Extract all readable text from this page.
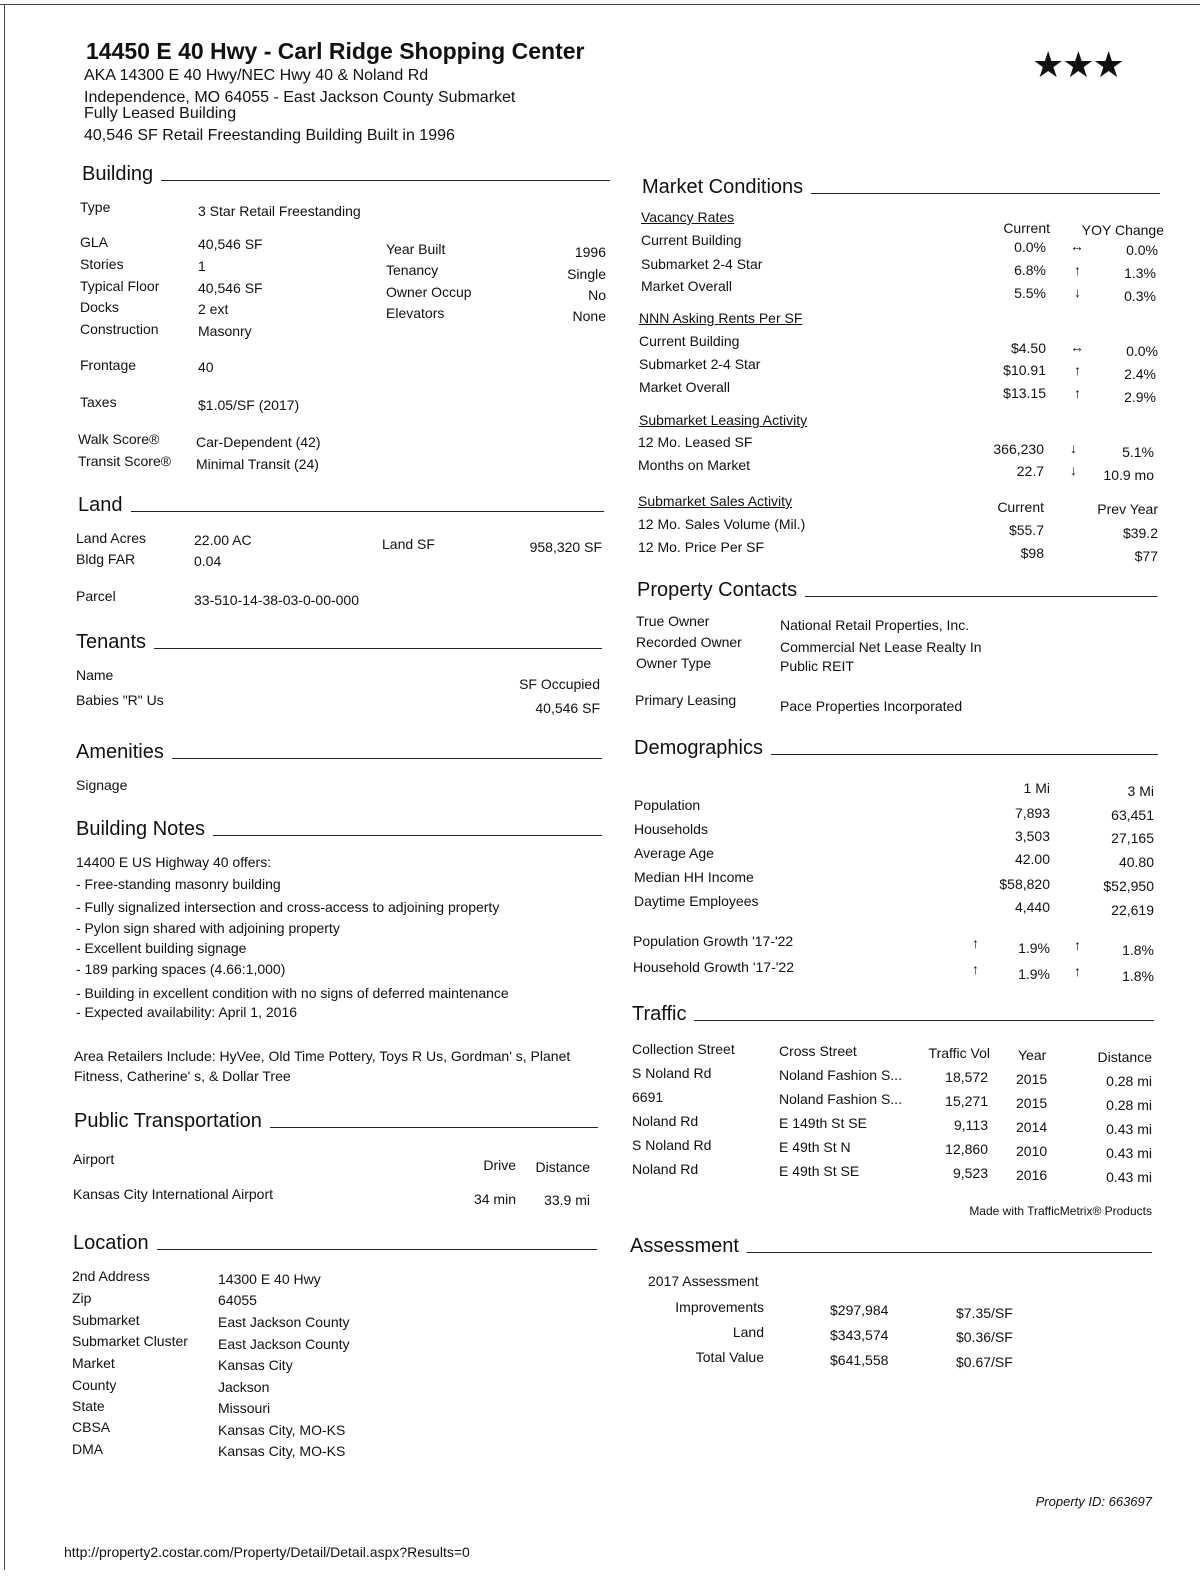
14450 E 40 Hwy - Carl Ridge Shopping Center
AKA 14300 E 40 Hwy/NEC Hwy 40 & Noland Rd
Independence, MO 64055 - East Jackson County Submarket
Fully Leased Building
40,546 SF Retail Freestanding Building Built in 1996
★★★
Building
Type	3 Star Retail Freestanding
GLA	40,546 SF
Stories	1
Typical Floor	40,546 SF
Docks	2 ext
Construction	Masonry
Year Built	1996
Tenancy	Single
Owner Occup	No
Elevators	None
Frontage	40
Taxes	$1.05/SF (2017)
Walk Score®	Car-Dependent (42)
Transit Score® Minimal Transit (24)
Land
Land Acres	22.00 AC
Bldg FAR	0.04
Land SF	958,320 SF
Parcel	33-510-14-38-03-0-00-000
Tenants
Name
SF Occupied
Babies "R" Us	40,546 SF
Amenities
Signage
Building Notes
14400 E US Highway 40 offers:
- Free-standing masonry building
- Fully signalized intersection and cross-access to adjoining property
- Pylon sign shared with adjoining property
- Excellent building signage
- 189 parking spaces (4.66:1,000)
- Building in excellent condition with no signs of deferred maintenance
- Expected availability: April 1, 2016
Area Retailers Include: HyVee, Old Time Pottery, Toys R Us, Gordman' s, Planet
Fitness, Catherine' s, & Dollar Tree
Public Transportation
Airport	Drive	Distance
Kansas City International Airport	34 min	33.9 mi
Location
2nd Address	14300 E 40 Hwy
Zip	64055
Submarket	East Jackson County
Submarket Cluster East Jackson County
Market	Kansas City
County	Jackson
State	Missouri
CBSA	Kansas City, MO-KS
DMA	Kansas City, MO-KS
Market Conditions
Vacancy Rates
Current	YOY Change
Current Building	0.0% ↔	0.0%
Submarket 2-4 Star	6.8% ↑	1.3%
Market Overall	5.5% ↓	0.3%
NNN Asking Rents Per SF
Current Building	$4.50 ↔	0.0%
Submarket 2-4 Star	$10.91 ↑	2.4%
Market Overall	$13.15 ↑	2.9%
Submarket Leasing Activity
12 Mo. Leased SF	366,230 ↓	5.1%
Months on Market	22.7 ↓	10.9 mo
Submarket Sales Activity	Current	Prev Year
12 Mo. Sales Volume (Mil.)	$55.7	$39.2
12 Mo. Price Per SF	$98	$77
Property Contacts
True Owner	National Retail Properties, Inc.
Recorded Owner	Commercial Net Lease Realty In
Owner Type	Public REIT
Primary Leasing	Pace Properties Incorporated
Demographics
1 Mi	3 Mi
Population	7,893	63,451
Households	3,503	27,165
Average Age	42.00	40.80
Median HH Income	$58,820	$52,950
Daytime Employees	4,440	22,619
Population Growth '17-'22	↑	1.9% ↑	1.8%
Household Growth '17-'22	↑	1.9% ↑	1.8%
Traffic
Collection Street	Cross Street	Traffic Vol Year	Distance
S Noland Rd	Noland Fashion S...	18,572 2015	0.28 mi
6691	Noland Fashion S...	15,271 2015	0.28 mi
Noland Rd	E 149th St SE	9,113 2014	0.43 mi
S Noland Rd	E 49th St N	12,860 2010	0.43 mi
Noland Rd	E 49th St SE	9,523 2016	0.43 mi
Made with TrafficMetrix® Products
Assessment
2017 Assessment
Improvements	$297,984	$7.35/SF
Land	$343,574	$0.36/SF
Total Value	$641,558	$0.67/SF
Property ID: 663697
http://property2.costar.com/Property/Detail/Detail.aspx?Results=0
